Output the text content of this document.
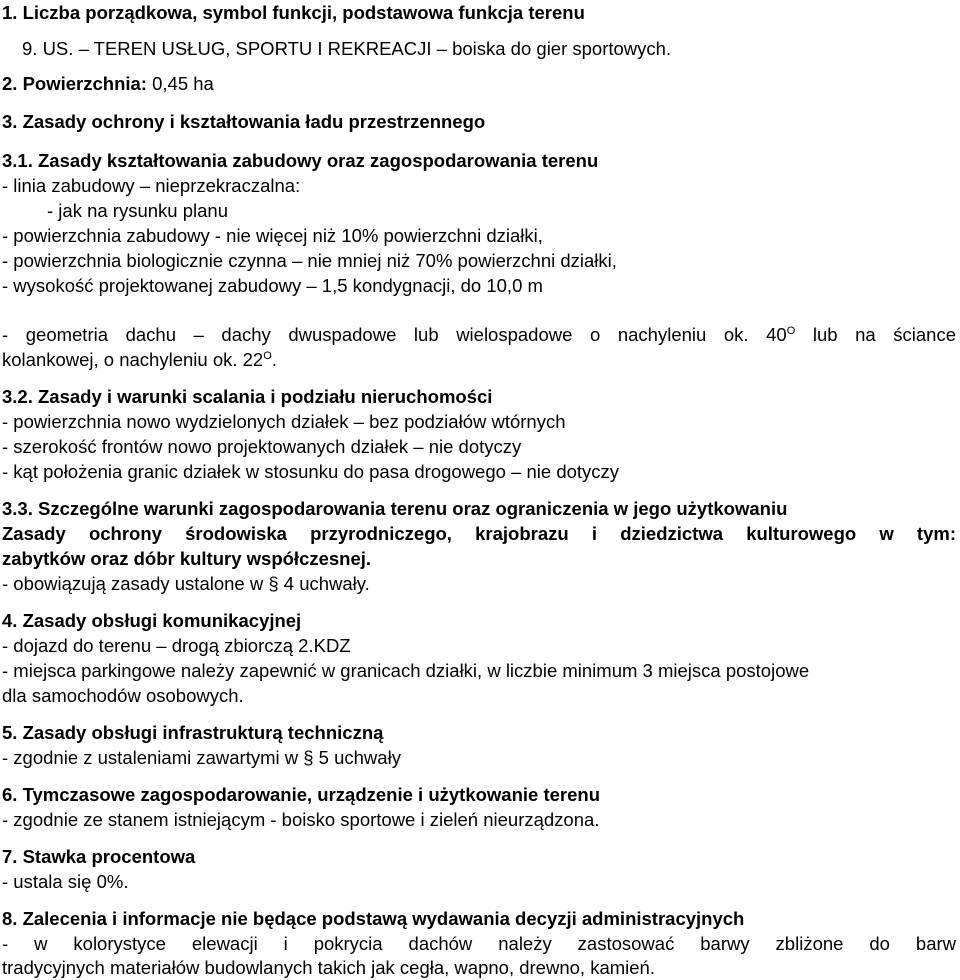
1. Liczba porządkowa, symbol funkcji, podstawowa funkcja terenu
9. US. – TEREN USŁUG, SPORTU I REKREACJI – boiska do gier sportowych.
2. Powierzchnia: 0,45 ha
3. Zasady ochrony i kształtowania ładu przestrzennego
3.1. Zasady kształtowania zabudowy oraz zagospodarowania terenu
- linia zabudowy – nieprzekraczalna:
- jak na rysunku planu
- powierzchnia zabudowy - nie więcej niż 10% powierzchni działki,
- powierzchnia biologicznie czynna – nie mniej niż 70% powierzchni działki,
- wysokość projektowanej zabudowy – 1,5 kondygnacji, do 10,0 m
- geometria dachu – dachy dwuspadowe lub wielospadowe o nachyleniu ok. $40^O$ lub na ściance
kolankowej, o nachyleniu ok. $22^O$.
3.2. Zasady i warunki scalania i podziału nieruchomości
- powierzchnia nowo wydzielonych działek – bez podziałów wtórnych
- szerokość frontów nowo projektowanych działek – nie dotyczy
- kąt położenia granic działek w stosunku do pasa drogowego – nie dotyczy
3.3. Szczególne warunki zagospodarowania terenu oraz ograniczenia w jego użytkowaniu
Zasady ochrony środowiska przyrodniczego, krajobrazu i dziedzictwa kulturowego w tym:
zabytków oraz dóbr kultury współczesnej.
- obowiązują zasady ustalone w § 4 uchwały.
4. Zasady obsługi komunikacyjnej
- dojazd do terenu – drogą zbiorczą 2.KDZ
- miejsca parkingowe należy zapewnić w granicach działki, w liczbie minimum 3 miejsca postojowe
dla samochodów osobowych.
5. Zasady obsługi infrastrukturą techniczną
- zgodnie z ustaleniami zawartymi w § 5 uchwały
6. Tymczasowe zagospodarowanie, urządzenie i użytkowanie terenu
- zgodnie ze stanem istniejącym - boisko sportowe i zieleń nieurządzona.
7. Stawka procentowa
- ustala się 0%.
8. Zalecenia i informacje nie będące podstawą wydawania decyzji administracyjnych
- w kolorystyce elewacji i pokrycia dachów należy zastosować barwy zbliżone do barw
tradycyjnych materiałów budowlanych takich jak cegła, wapno, drewno, kamień.
